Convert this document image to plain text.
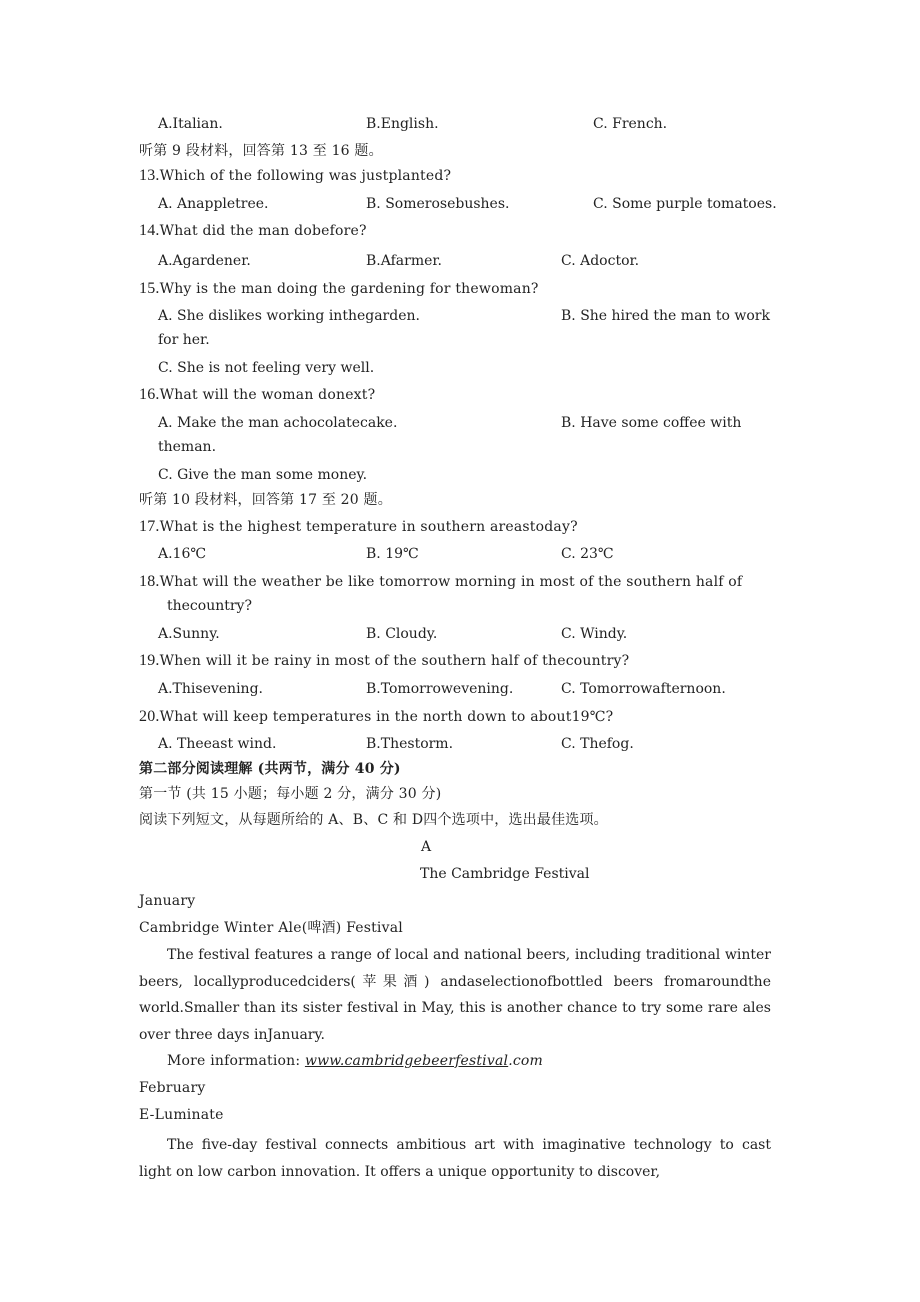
A.Italian.	B.English.	C. French.
听第 9 段材料，回答第 13 至 16 题。
13.Which of the following was justplanted?
A. Anappletree.	B. Somerosebushes.	C. Some purple tomatoes.
14.What did the man dobefore?
A.Agardener.	B.Afarmer.	C. Adoctor.
15.Why is the man doing the gardening for thewoman?
A. She dislikes working inthegarden.	B. She hired the man to work
for her.
C. She is not feeling very well.
16.What will the woman donext?
A. Make the man achocolatecake.	B. Have some coffee with
theman.
C. Give the man some money.
听第 10 段材料，回答第 17 至 20 题。
17.What is the highest temperature in southern areastoday?
A.16℃	B. 19℃	C. 23℃
18.What will the weather be like tomorrow morning in most of the southern half of
thecountry?
A.Sunny.	B. Cloudy.	C. Windy.
19.When will it be rainy in most of the southern half of thecountry?
A.Thisevening.	B.Tomorrowevening.	C. Tomorrowafternoon.
20.What will keep temperatures in the north down to about19℃?
A. Theeast wind.	B.Thestorm.	C. Thefog.
第二部分阅读理解 (共两节，满分 40 分)
第一节 (共 15 小题；每小题 2 分，满分 30 分)
阅读下列短文，从每题所给的 A、B、C 和 D四个选项中，选出最佳选项。
A
The Cambridge Festival
January
Cambridge Winter Ale(啤酒) Festival
The festival features a range of local and national beers, including traditional winter beers, locallyproducedciders(苹果酒) andaselectionofbottled beers fromaroundthe world.Smaller than its sister festival in May, this is another chance to try some rare ales over three days inJanuary.
More information: www.cambridgebeerfestival.com
February
E-Luminate
The five-day festival connects ambitious art with imaginative technology to cast light on low carbon innovation. It offers a unique opportunity to discover,
